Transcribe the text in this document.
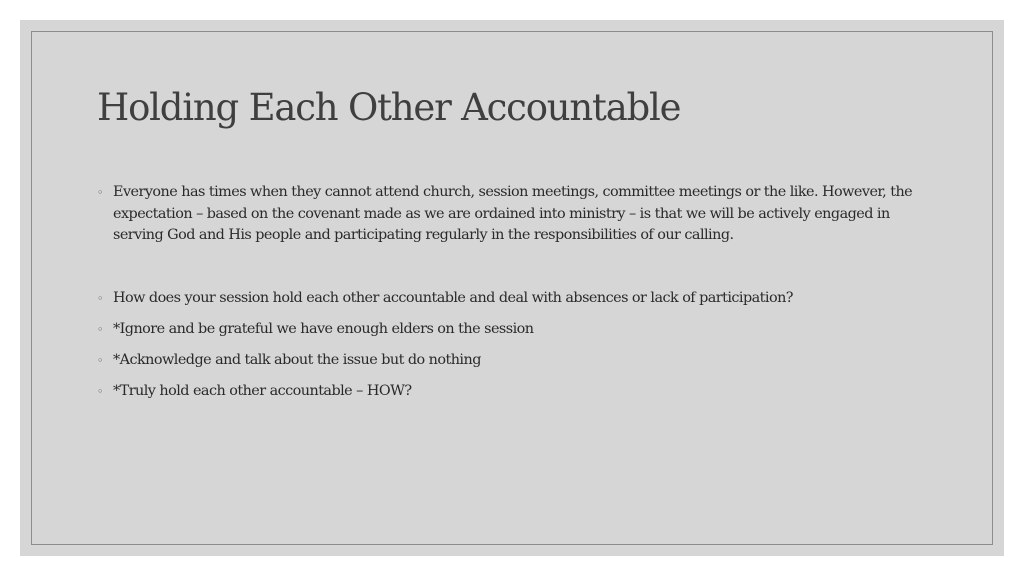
Holding Each Other Accountable
◦ Everyone has times when they cannot attend church, session meetings, committee meetings or the like. However, the expectation – based on the covenant made as we are ordained into ministry – is that we will be actively engaged in serving God and His people and participating regularly in the responsibilities of our calling.
◦ How does your session hold each other accountable and deal with absences or lack of participation?
◦ *Ignore and be grateful we have enough elders on the session
◦ *Acknowledge and talk about the issue but do nothing
◦ *Truly hold each other accountable – HOW?
